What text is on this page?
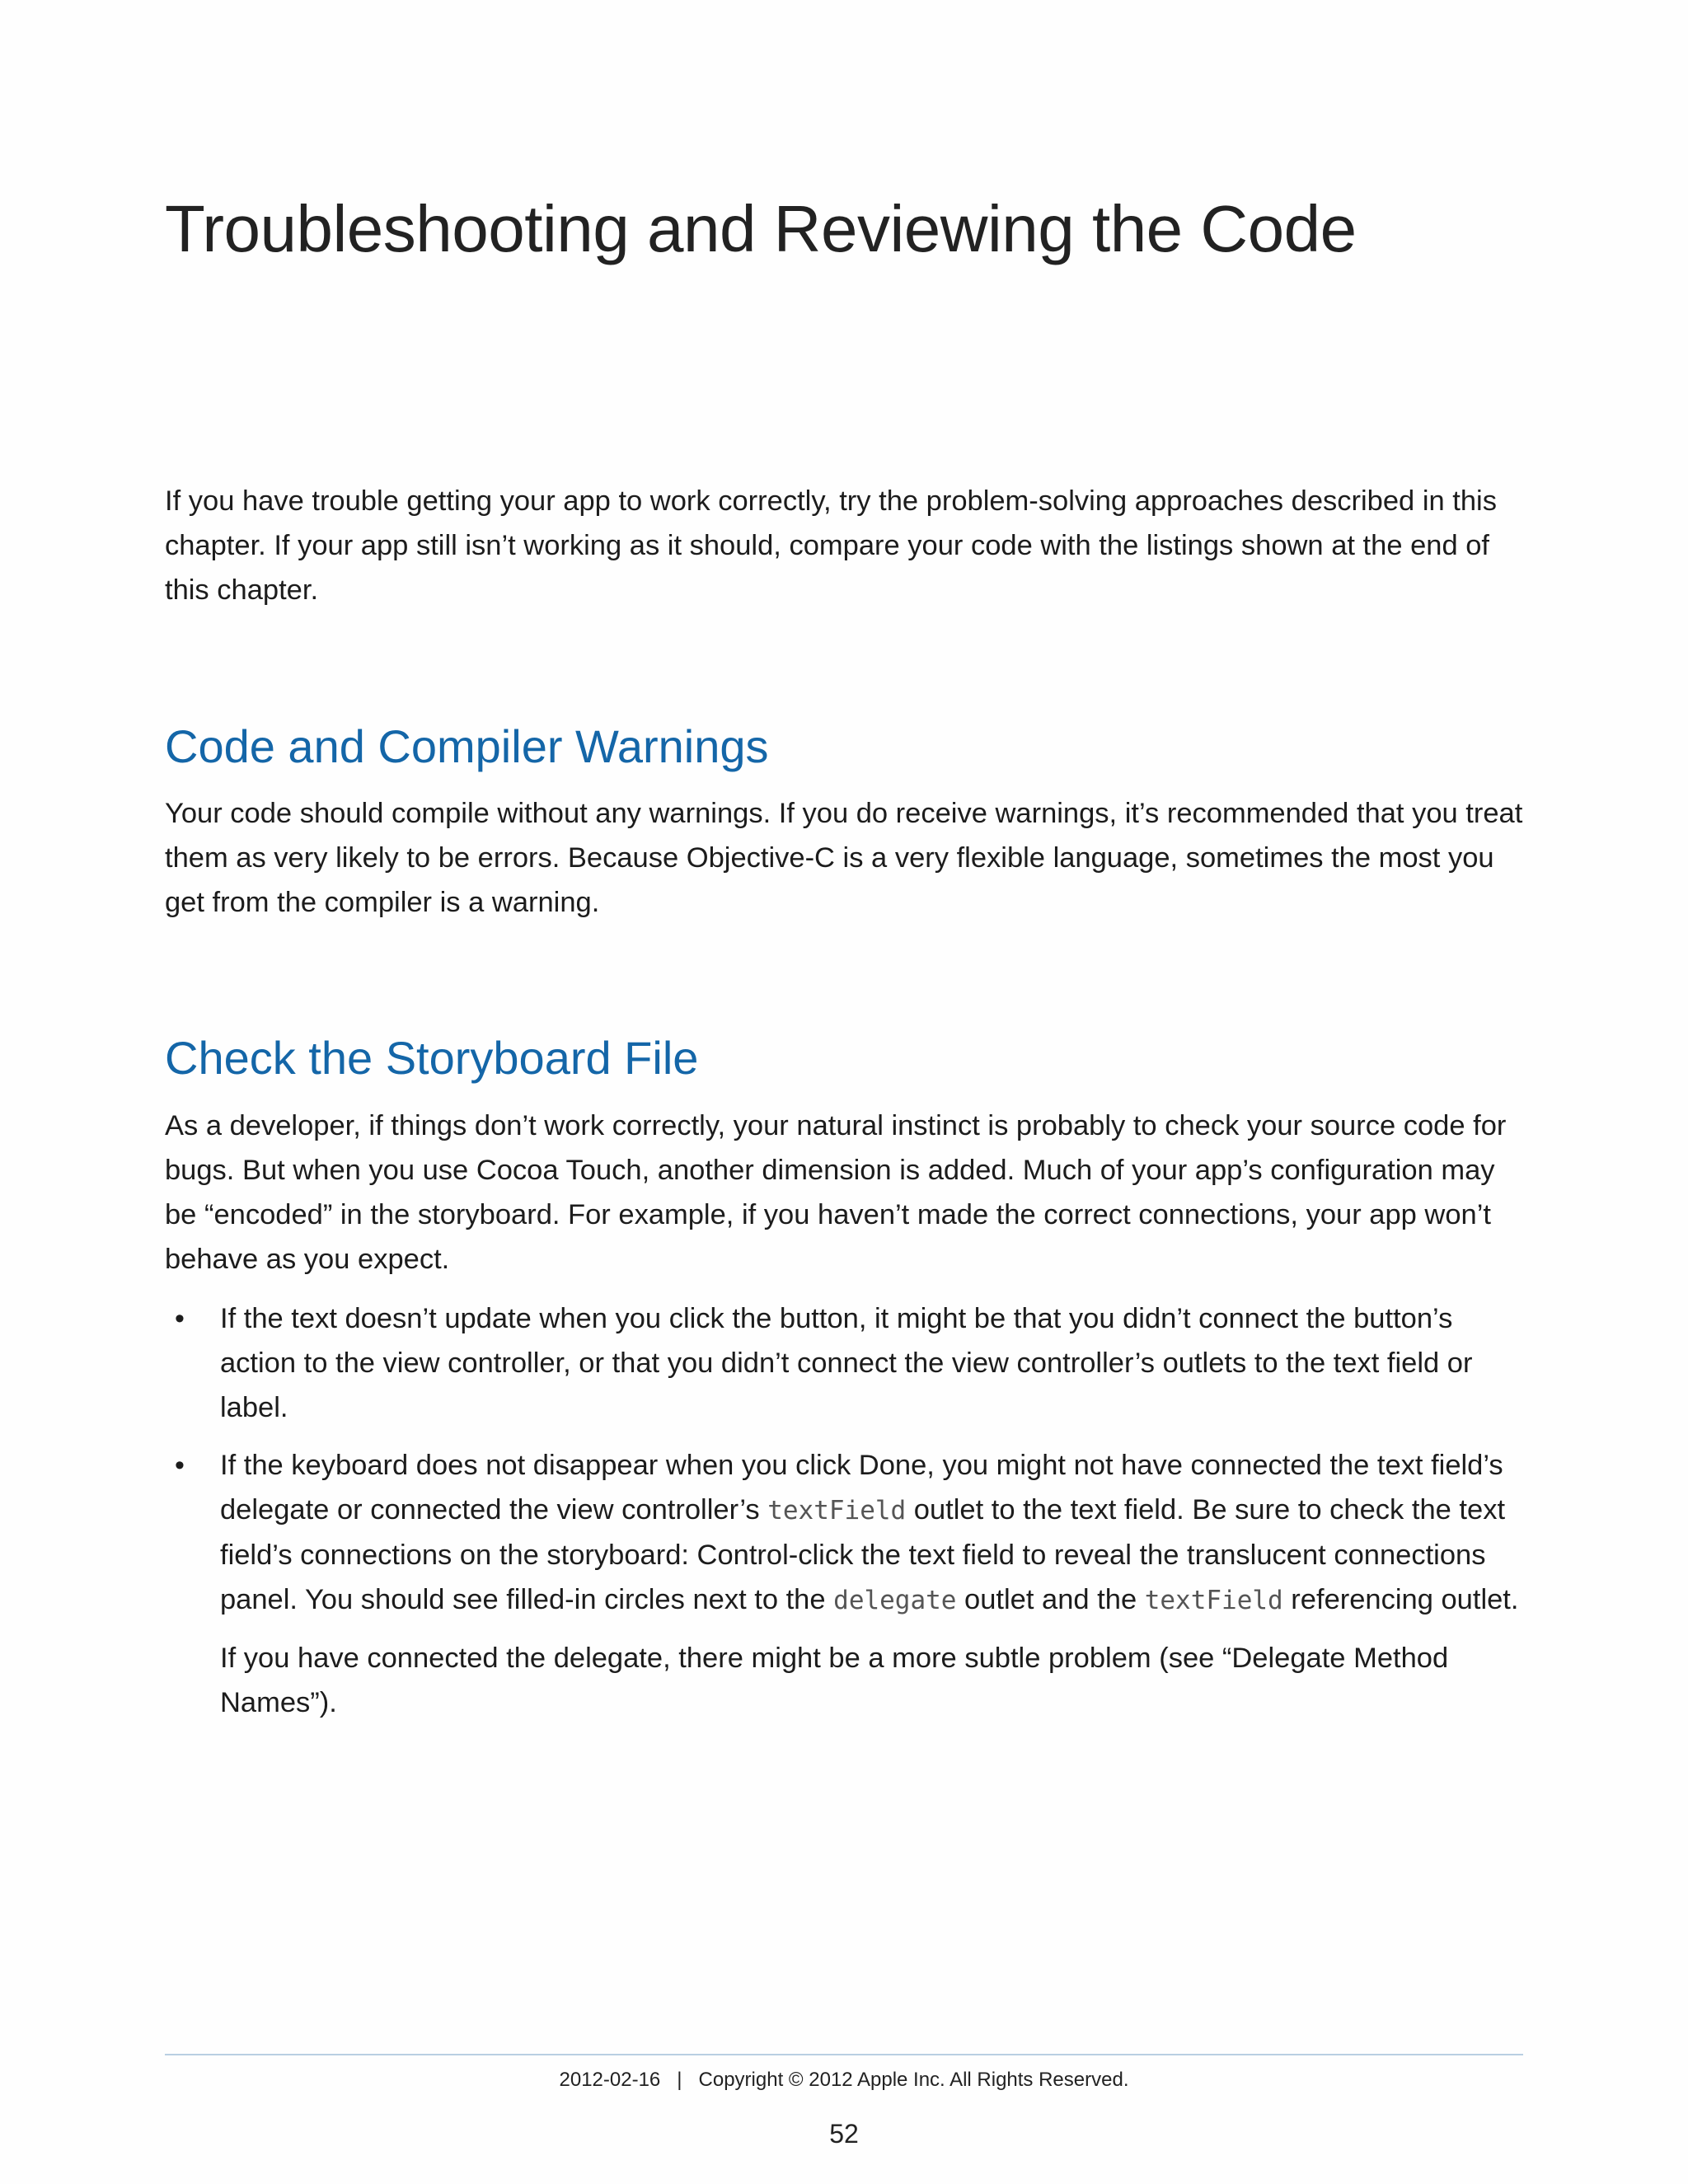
Troubleshooting and Reviewing the Code

If you have trouble getting your app to work correctly, try the problem-solving approaches described in this chapter. If your app still isn’t working as it should, compare your code with the listings shown at the end of this chapter.

Code and Compiler Warnings

Your code should compile without any warnings. If you do receive warnings, it’s recommended that you treat them as very likely to be errors. Because Objective-C is a very flexible language, sometimes the most you get from the compiler is a warning.

Check the Storyboard File

As a developer, if things don’t work correctly, your natural instinct is probably to check your source code for bugs. But when you use Cocoa Touch, another dimension is added. Much of your app’s configuration may be “encoded” in the storyboard. For example, if you haven’t made the correct connections, your app won’t behave as you expect.

• If the text doesn’t update when you click the button, it might be that you didn’t connect the button’s action to the view controller, or that you didn’t connect the view controller’s outlets to the text field or label.

• If the keyboard does not disappear when you click Done, you might not have connected the text field’s delegate or connected the view controller’s textField outlet to the text field. Be sure to check the text field’s connections on the storyboard: Control-click the text field to reveal the translucent connections panel. You should see filled-in circles next to the delegate outlet and the textField referencing outlet.

If you have connected the delegate, there might be a more subtle problem (see “Delegate Method Names”).

2012-02-16 | Copyright © 2012 Apple Inc. All Rights Reserved.
52
